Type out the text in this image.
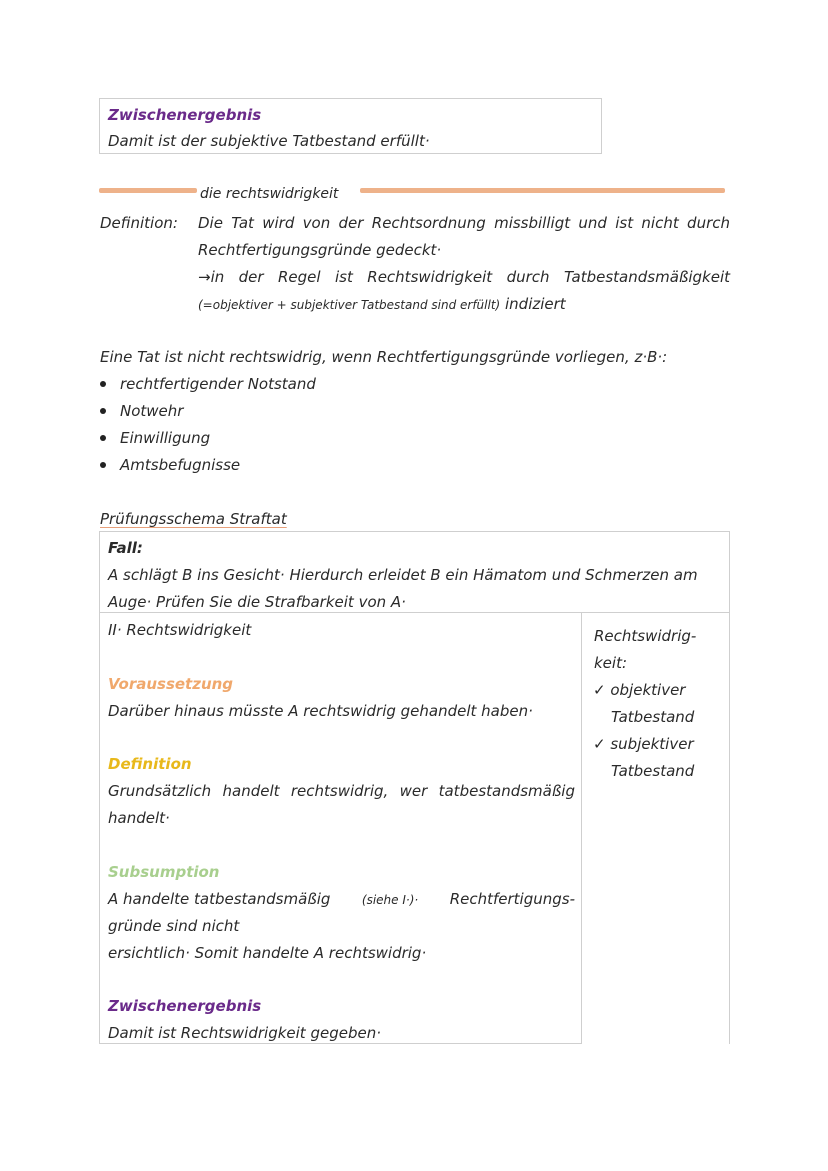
Zwischenergebnis
Damit ist der subjektive Tatbestand erfüllt·
die rechtswidrigkeit
Definition: Die Tat wird von der Rechtsordnung missbilligt und ist nicht durch
Rechtfertigungsgründe gedeckt·
→in der Regel ist Rechtswidrigkeit durch Tatbestandsmäßigkeit
(=objektiver + subjektiver Tatbestand sind erfüllt) indiziert
Eine Tat ist nicht rechtswidrig, wenn Rechtfertigungsgründe vorliegen, z·B·:
rechtfertigender Notstand
Notwehr
Einwilligung
Amtsbefugnisse
Prüfungsschema Straftat
Fall:
A schlägt B ins Gesicht· Hierdurch erleidet B ein Hämatom und Schmerzen am
Auge· Prüfen Sie die Strafbarkeit von A·
II· Rechtswidrigkeit
Voraussetzung
Darüber hinaus müsste A rechtswidrig gehandelt haben·
Definition
Grundsätzlich handelt rechtswidrig, wer tatbestandsmäßig
handelt·
Subsumption
A handelte tatbestandsmäßig	(siehe I·)· Rechtfertigungs-
gründe sind nicht
ersichtlich· Somit handelte A rechtswidrig·
Zwischenergebnis
Damit ist Rechtswidrigkeit gegeben·
Rechtswidrig-
keit:
✓ objektiver
Tatbestand
✓ subjektiver
Tatbestand
